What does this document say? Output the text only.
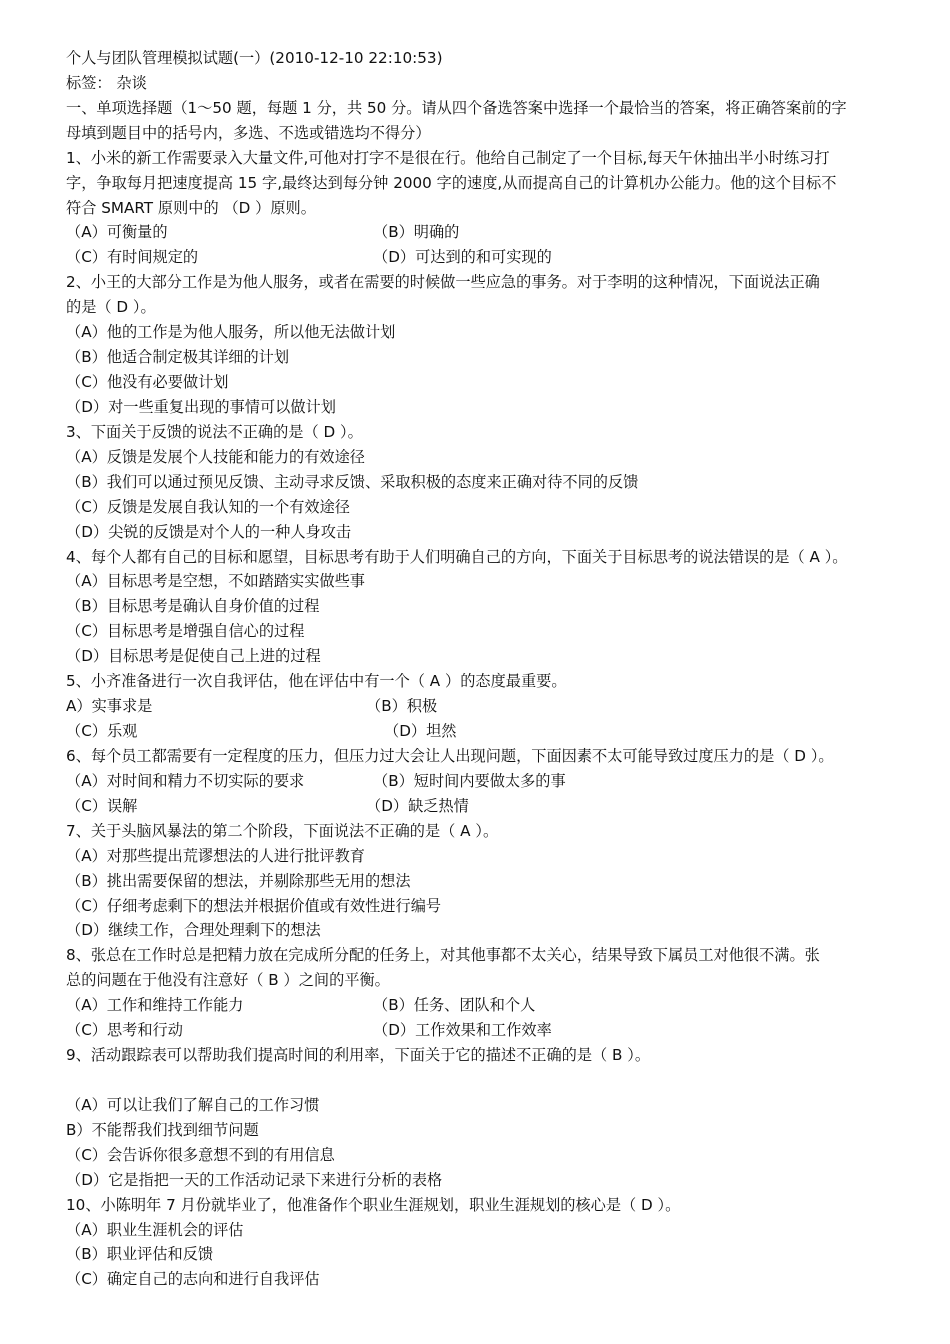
个人与团队管理模拟试题(一）(2010-12-10 22:10:53)
标签： 杂谈
一、单项选择题（1～50 题，每题 1 分，共 50 分。请从四个备选答案中选择一个最恰当的答案，将正确答案前的字
母填到题目中的括号内，多选、不选或错选均不得分）
1、小米的新工作需要录入大量文件,可他对打字不是很在行。他给自己制定了一个目标,每天午休抽出半小时练习打
字，争取每月把速度提高 15 字,最终达到每分钟 2000 字的速度,从而提高自己的计算机办公能力。他的这个目标不
符合 SMART 原则中的 （D ）原则。
（A）可衡量的	（B）明确的
（C）有时间规定的	（D）可达到的和可实现的
2、小王的大部分工作是为他人服务，或者在需要的时候做一些应急的事务。对于李明的这种情况，下面说法正确
的是（ D ）。
（A）他的工作是为他人服务，所以他无法做计划
（B）他适合制定极其详细的计划
（C）他没有必要做计划
（D）对一些重复出现的事情可以做计划
3、下面关于反馈的说法不正确的是（ D ）。
（A）反馈是发展个人技能和能力的有效途径
（B）我们可以通过预见反馈、主动寻求反馈、采取积极的态度来正确对待不同的反馈
（C）反馈是发展自我认知的一个有效途径
（D）尖锐的反馈是对个人的一种人身攻击
4、每个人都有自己的目标和愿望，目标思考有助于人们明确自己的方向，下面关于目标思考的说法错误的是（ A ）。
（A）目标思考是空想，不如踏踏实实做些事
（B）目标思考是确认自身价值的过程
（C）目标思考是增强自信心的过程
（D）目标思考是促使自己上进的过程
5、小齐准备进行一次自我评估，他在评估中有一个（ A ）的态度最重要。
A）实事求是	（B）积极
（C）乐观	（D）坦然
6、每个员工都需要有一定程度的压力，但压力过大会让人出现问题，下面因素不太可能导致过度压力的是（ D ）。
（A）对时间和精力不切实际的要求	（B）短时间内要做太多的事
（C）误解	（D）缺乏热情
7、关于头脑风暴法的第二个阶段，下面说法不正确的是（ A ）。
（A）对那些提出荒谬想法的人进行批评教育
（B）挑出需要保留的想法，并剔除那些无用的想法
（C）仔细考虑剩下的想法并根据价值或有效性进行编号
（D）继续工作，合理处理剩下的想法
8、张总在工作时总是把精力放在完成所分配的任务上，对其他事都不太关心，结果导致下属员工对他很不满。张
总的问题在于他没有注意好（ B ）之间的平衡。
（A）工作和维持工作能力	（B）任务、团队和个人
（C）思考和行动	（D）工作效果和工作效率
9、活动跟踪表可以帮助我们提高时间的利用率，下面关于它的描述不正确的是（ B ）。
（A）可以让我们了解自己的工作习惯
B）不能帮我们找到细节问题
（C）会告诉你很多意想不到的有用信息
（D）它是指把一天的工作活动记录下来进行分析的表格
10、小陈明年 7 月份就毕业了，他准备作个职业生涯规划，职业生涯规划的核心是（ D ）。
（A）职业生涯机会的评估
（B）职业评估和反馈
（C）确定自己的志向和进行自我评估
